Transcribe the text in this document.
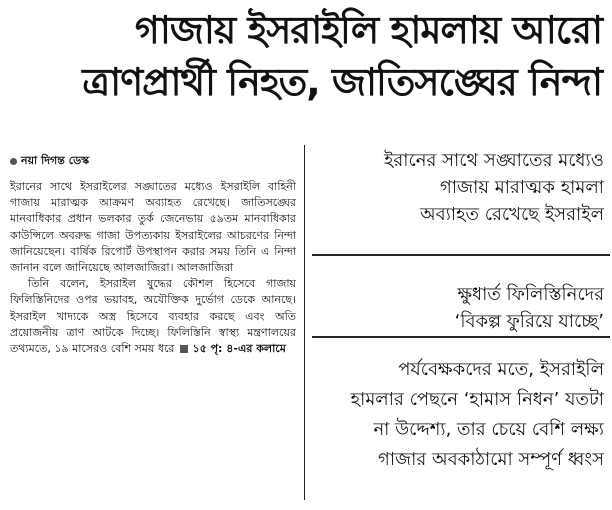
গাজায় ইসরাইলি হামলায় আরো
ত্রাণপ্রার্থী নিহত, জাতিসঙ্ঘের নিন্দা
নয়া দিগন্ত ডেস্ক

ইরানের সাথে ইসরাইলের সঙ্ঘাতের মধ্যেও ইসরাইলি বাহিনী গাজায় মারাত্মক আক্রমণ অব্যাহত রেখেছে। জাতিসঙ্ঘের মানবাধিকার প্রধান ভলকার তুর্ক জেনেভায় ৫৯তম মানবাধিকার কাউন্সিলে অবরুদ্ধ গাজা উপত্যকায় ইসরাইলের আচরণের নিন্দা জানিয়েছেন। বার্ষিক রিপোর্ট উপস্থাপন করার সময় তিনি এ নিন্দা জানান বলে জানিয়েছে আলজাজিরা। আলজাজিরা

তিনি বলেন, ইসরাইল যুদ্ধের কৌশল হিসেবে গাজায় ফিলিস্তিনিদের ওপর ভয়াবহ, অযৌক্তিক দুর্ভোগ ডেকে আনছে। ইসরাইল খাদ্যকে অস্ত্র হিসেবে ব্যবহার করছে এবং অতি প্রয়োজনীয় ত্রাণ আটকে দিচ্ছে। ফিলিস্তিনি স্বাস্থ্য মন্ত্রণালয়ের তথ্যমতে, ১৯ মাসেরও বেশি সময় ধরে ১৫ পৃ: ৪-এর কলামে

ইরানের সাথে সঙ্ঘাতের মধ্যেও
গাজায় মারাত্মক হামলা
অব্যাহত রেখেছে ইসরাইল
ক্ষুধার্ত ফিলিস্তিনিদের
‘বিকল্প ফুরিয়ে যাচ্ছে’
পর্যবেক্ষকদের মতে, ইসরাইলি
হামলার পেছনে ‘হামাস নিধন’ যতটা
না উদ্দেশ্য, তার চেয়ে বেশি লক্ষ্য
গাজার অবকাঠামো সম্পূর্ণ ধ্বংস
